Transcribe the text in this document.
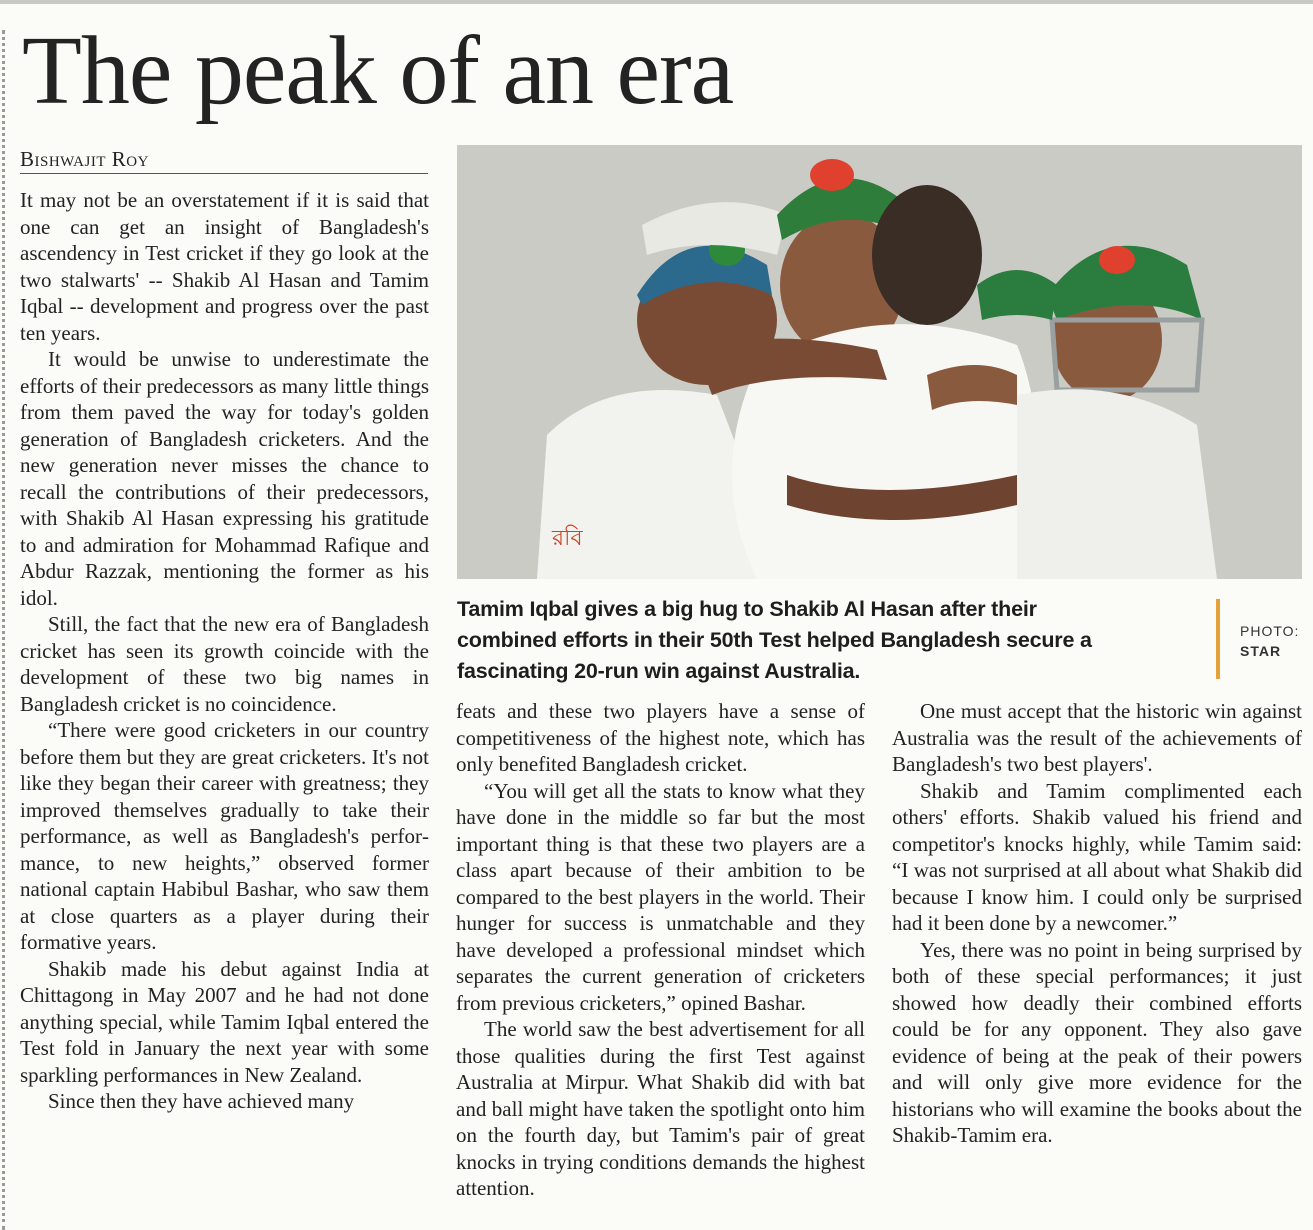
The peak of an era
Bishwajit Roy

It may not be an overstatement if it is said that one can get an insight of Bangladesh's ascendency in Test cricket if they go look at the two stalwarts' -- Shakib Al Hasan and Tamim Iqbal -- development and progress over the past ten years.

It would be unwise to underestimate the efforts of their predecessors as many little things from them paved the way for today's golden generation of Bangladesh cricketers. And the new generation never misses the chance to recall the contributions of their predecessors, with Shakib Al Hasan expressing his gratitude to and admiration for Mohammad Rafique and Abdur Razzak, mentioning the former as his idol.

Still, the fact that the new era of Bangladesh cricket has seen its growth coincide with the development of these two big names in Bangladesh cricket is no coincidence.

“There were good cricketers in our country before them but they are great cricketers. It's not like they began their career with greatness; they improved themselves gradually to take their performance, as well as Bangladesh's performance, to new heights,” observed former national captain Habibul Bashar, who saw them at close quarters as a player during their formative years.

Shakib made his debut against India at Chittagong in May 2007 and he had not done anything special, while Tamim Iqbal entered the Test fold in January the next year with some sparkling performances in New Zealand.

Since then they have achieved many

রবি

Tamim Iqbal gives a big hug to Shakib Al Hasan after their combined efforts in their 50th Test helped Bangladesh secure a fascinating 20-run win against Australia.

PHOTO:
STAR

feats and these two players have a sense of competitiveness of the highest note, which has only benefited Bangladesh cricket.

“You will get all the stats to know what they have done in the middle so far but the most important thing is that these two players are a class apart because of their ambition to be compared to the best players in the world. Their hunger for success is unmatchable and they have developed a professional mindset which separates the current generation of cricketers from previous cricketers,” opined Bashar.

The world saw the best advertisement for all those qualities during the first Test against Australia at Mirpur. What Shakib did with bat and ball might have taken the spotlight onto him on the fourth day, but Tamim's pair of great knocks in trying conditions demands the highest attention.

One must accept that the historic win against Australia was the result of the achievements of Bangladesh's two best players'.

Shakib and Tamim complimented each others' efforts. Shakib valued his friend and competitor's knocks highly, while Tamim said: “I was not surprised at all about what Shakib did because I know him. I could only be surprised had it been done by a newcomer.”

Yes, there was no point in being surprised by both of these special performances; it just showed how deadly their combined efforts could be for any opponent. They also gave evidence of being at the peak of their powers and will only give more evidence for the historians who will examine the books about the Shakib-Tamim era.
